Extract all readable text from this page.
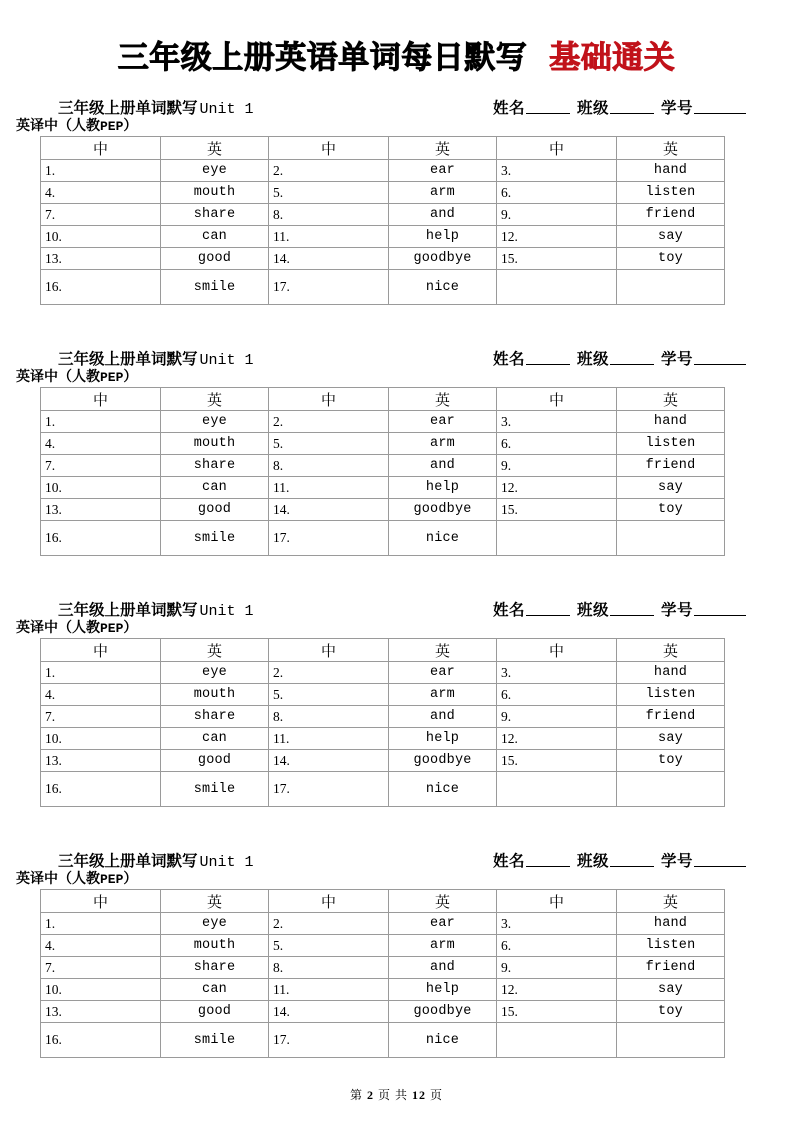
三年级上册英语单词每日默写 基础通关
三年级上册单词默写 Unit 1	姓名	班级	学号
英译中（人教PEP）
中	英	中	英	中	英
1.	eye	2.	ear	3.	hand
4.	mouth	5.	arm	6.	listen
7.	share	8.	and	9.	friend
10.	can	11.	help	12.	say
13.	good	14.	goodbye	15.	toy
16.	smile	17.	nice		
三年级上册单词默写 Unit 1	姓名	班级	学号
英译中（人教PEP）
中	英	中	英	中	英
1.	eye	2.	ear	3.	hand
4.	mouth	5.	arm	6.	listen
7.	share	8.	and	9.	friend
10.	can	11.	help	12.	say
13.	good	14.	goodbye	15.	toy
16.	smile	17.	nice		
三年级上册单词默写 Unit 1	姓名	班级	学号
英译中（人教PEP）
中	英	中	英	中	英
1.	eye	2.	ear	3.	hand
4.	mouth	5.	arm	6.	listen
7.	share	8.	and	9.	friend
10.	can	11.	help	12.	say
13.	good	14.	goodbye	15.	toy
16.	smile	17.	nice		
三年级上册单词默写 Unit 1	姓名	班级	学号
英译中（人教PEP）
中	英	中	英	中	英
1.	eye	2.	ear	3.	hand
4.	mouth	5.	arm	6.	listen
7.	share	8.	and	9.	friend
10.	can	11.	help	12.	say
13.	good	14.	goodbye	15.	toy
16.	smile	17.	nice		
第 2 页 共 12 页
